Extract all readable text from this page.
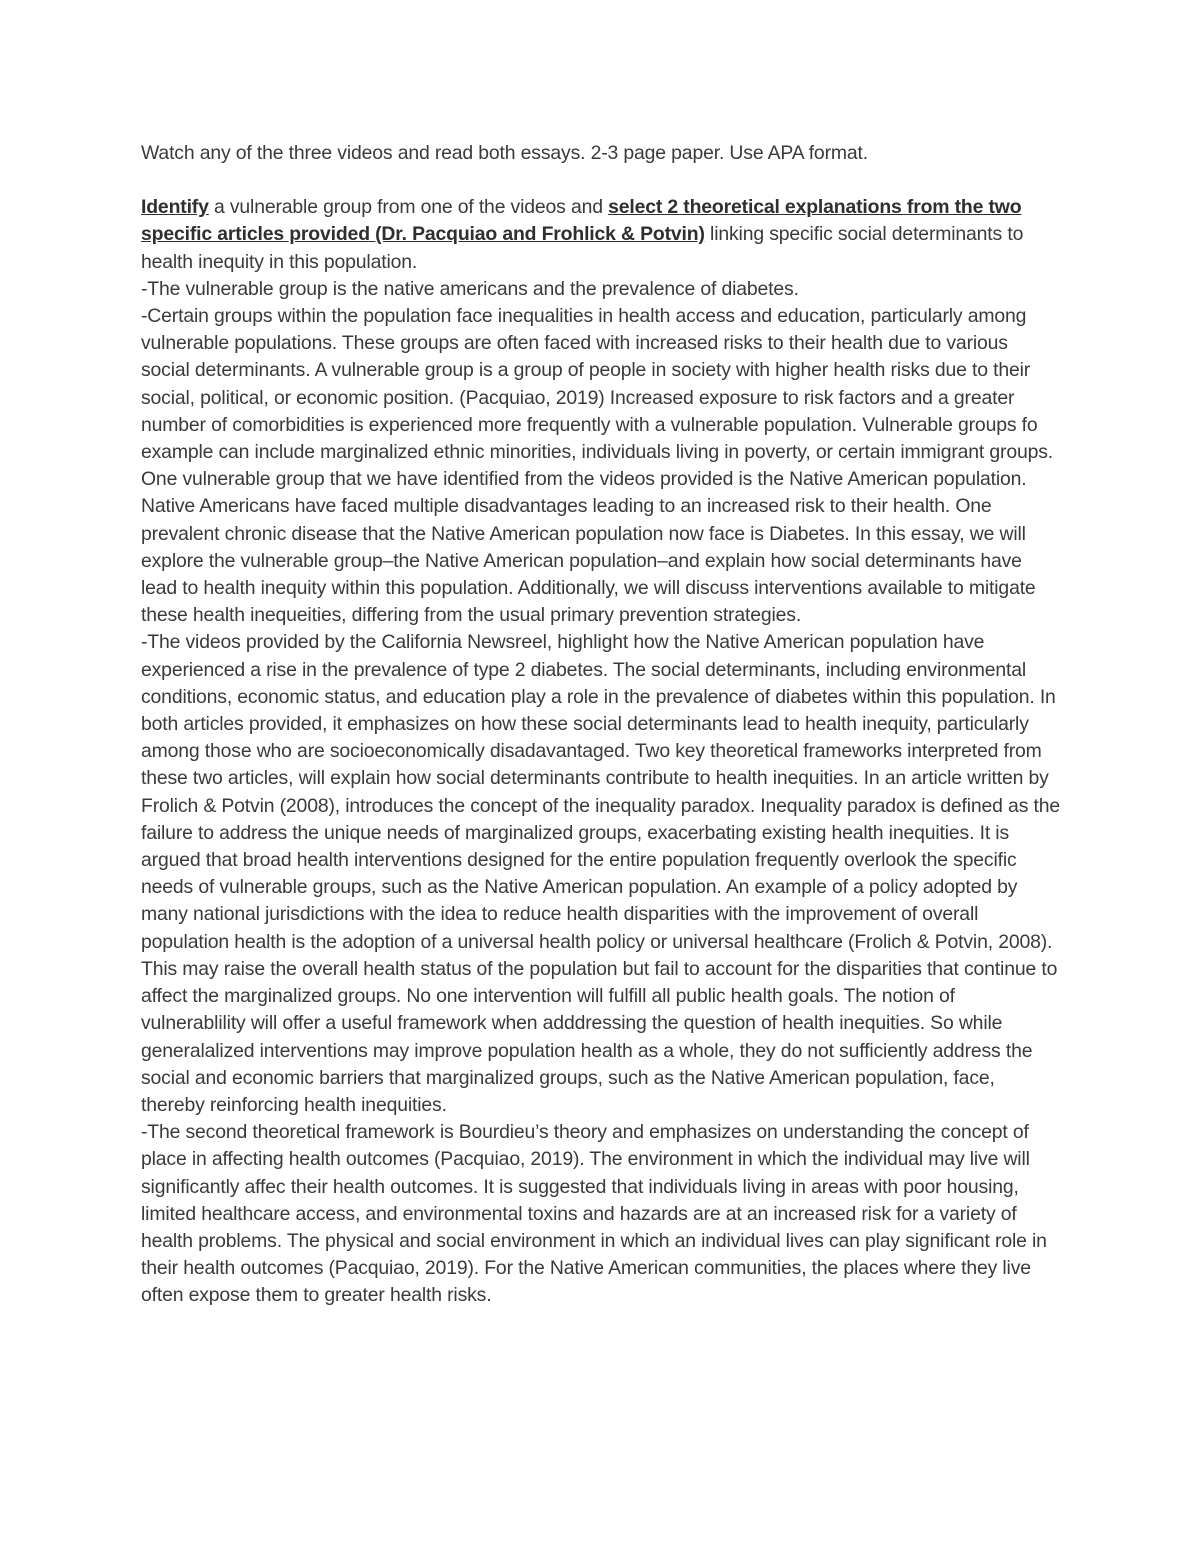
Watch any of the three videos and read both essays. 2-3 page paper. Use APA format.

Identify a vulnerable group from one of the videos and select 2 theoretical explanations from the two specific articles provided (Dr. Pacquiao and Frohlick & Potvin) linking specific social determinants to health inequity in this population.

-The vulnerable group is the native americans and the prevalence of diabetes.

-Certain groups within the population face inequalities in health access and education, particularly among vulnerable populations. These groups are often faced with increased risks to their health due to various social determinants. A vulnerable group is a group of people in society with higher health risks due to their social, political, or economic position. (Pacquiao, 2019) Increased exposure to risk factors and a greater number of comorbidities is experienced more frequently with a vulnerable population. Vulnerable groups fo example can include marginalized ethnic minorities, individuals living in poverty, or certain immigrant groups. One vulnerable group that we have identified from the videos provided is the Native American population. Native Americans have faced multiple disadvantages leading to an increased risk to their health. One prevalent chronic disease that the Native American population now face is Diabetes. In this essay, we will explore the vulnerable group–the Native American population–and explain how social determinants have lead to health inequity within this population. Additionally, we will discuss interventions available to mitigate these health inequeities, differing from the usual primary prevention strategies.

-The videos provided by the California Newsreel, highlight how the Native American population have experienced a rise in the prevalence of type 2 diabetes. The social determinants, including environmental conditions, economic status, and education play a role in the prevalence of diabetes within this population. In both articles provided, it emphasizes on how these social determinants lead to health inequity, particularly among those who are socioeconomically disadavantaged. Two key theoretical frameworks interpreted from these two articles, will explain how social determinants contribute to health inequities. In an article written by Frolich & Potvin (2008), introduces the concept of the inequality paradox. Inequality paradox is defined as the failure to address the unique needs of marginalized groups, exacerbating existing health inequities. It is argued that broad health interventions designed for the entire population frequently overlook the specific needs of vulnerable groups, such as the Native American population. An example of a policy adopted by many national jurisdictions with the idea to reduce health disparities with the improvement of overall population health is the adoption of a universal health policy or universal healthcare (Frolich & Potvin, 2008). This may raise the overall health status of the population but fail to account for the disparities that continue to affect the marginalized groups. No one intervention will fulfill all public health goals. The notion of vulnerablility will offer a useful framework when adddressing the question of health inequities. So while generalalized interventions may improve population health as a whole, they do not sufficiently address the social and economic barriers that marginalized groups, such as the Native American population, face, thereby reinforcing health inequities.

-The second theoretical framework is Bourdieu’s theory and emphasizes on understanding the concept of place in affecting health outcomes (Pacquiao, 2019). The environment in which the individual may live will significantly affec their health outcomes. It is suggested that individuals living in areas with poor housing, limited healthcare access, and environmental toxins and hazards are at an increased risk for a variety of health problems. The physical and social environment in which an individual lives can play significant role in their health outcomes (Pacquiao, 2019). For the Native American communities, the places where they live often expose them to greater health risks.
